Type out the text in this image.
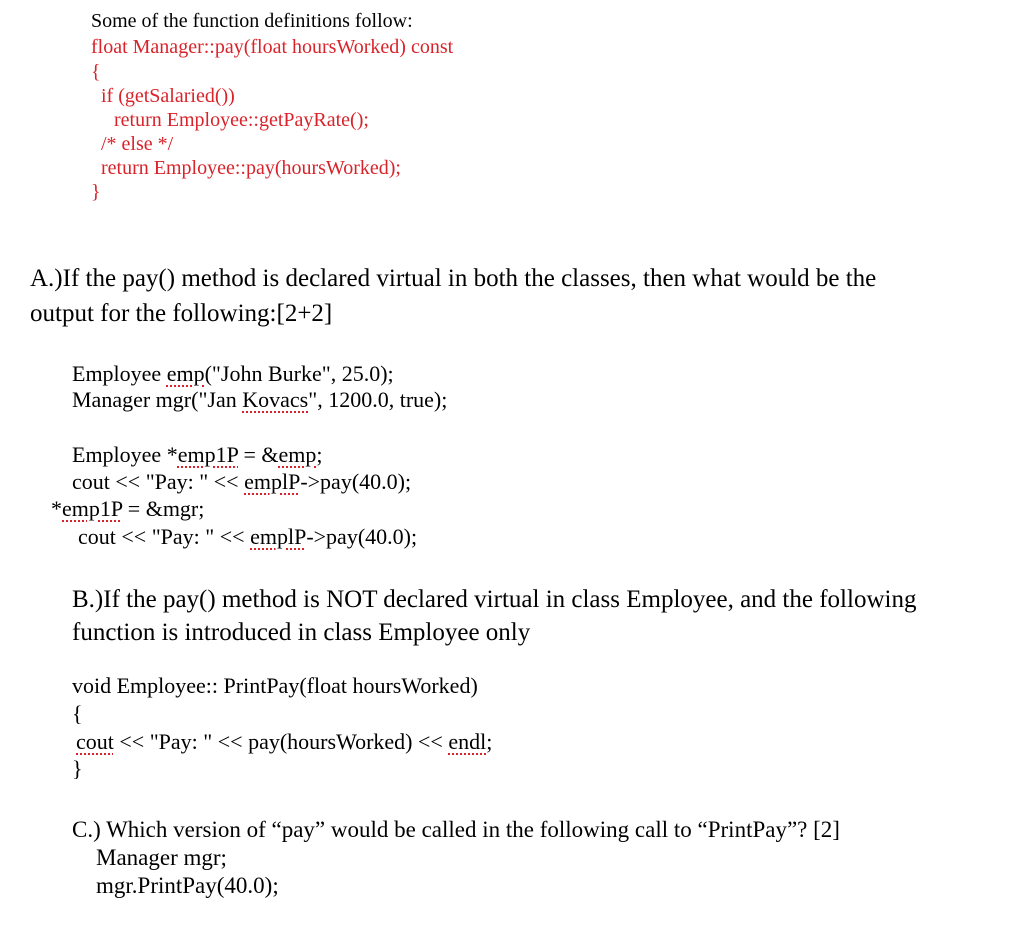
Some of the function definitions follow:

float Manager::pay(float hoursWorked) const

{

if (getSalaried())

return Employee::getPayRate();

/* else */

return Employee::pay(hoursWorked);

}

A.)If the pay() method is declared virtual in both the classes, then what would be the

output for the following:[2+2]

Employee emp("John Burke", 25.0);

Manager mgr("Jan Kovacs", 1200.0, true);

Employee *emp1P = &emp;

cout << "Pay: " << emplP->pay(40.0);

*emp1P = &mgr;

cout << "Pay: " << emplP->pay(40.0);

B.)If the pay() method is NOT declared virtual in class Employee, and the following

function is introduced in class Employee only

void Employee:: PrintPay(float hoursWorked)

{

cout << "Pay: " << pay(hoursWorked) << endl;

}

C.) Which version of “pay” would be called in the following call to “PrintPay”? [2]

Manager mgr;

mgr.PrintPay(40.0);
